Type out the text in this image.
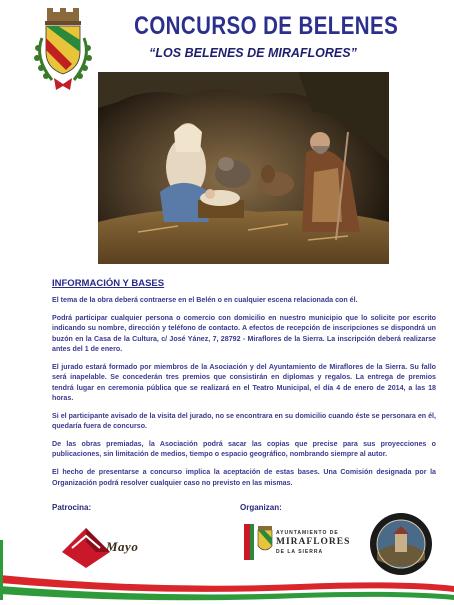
CONCURSO DE BELENES
“LOS BELENES DE MIRAFLORES”
INFORMACIÓN Y BASES

El tema de la obra deberá contraerse en el Belén o en cualquier escena relacionada con él.

Podrá participar cualquier persona o comercio con domicilio en nuestro municipio que lo solicite por escrito indicando su nombre, dirección y teléfono de contacto. A efectos de recepción de inscripciones se dispondrá un buzón en la Casa de la Cultura, c/ José Yánez, 7, 28792 - Miraflores de la Sierra. La inscripción deberá realizarse antes del 1 de enero.

El jurado estará formado por miembros de la Asociación y del Ayuntamiento de Miraflores de la Sierra. Su fallo será inapelable. Se concederán tres premios que consistirán en diplomas y regalos. La entrega de premios tendrá lugar en ceremonia pública que se realizará en el Teatro Municipal, el día 4 de enero de 2014, a las 18 horas.

Si el participante avisado de la visita del jurado, no se encontrara en su domicilio cuando éste se personara en él, quedaría fuera de concurso.

De las obras premiadas, la Asociación podrá sacar las copias que precise para sus proyecciones o publicaciones, sin limitación de medios, tiempo o espacio geográfico, nombrando siempre al autor.

El hecho de presentarse a concurso implica la aceptación de estas bases. Una Comisión designada por la Organización podrá resolver cualquier caso no previsto en las mismas.

Patrocina:	Organizan:
Mayo
AYUNTAMIENTO DE
MIRAFLORES
DE LA SIERRA
